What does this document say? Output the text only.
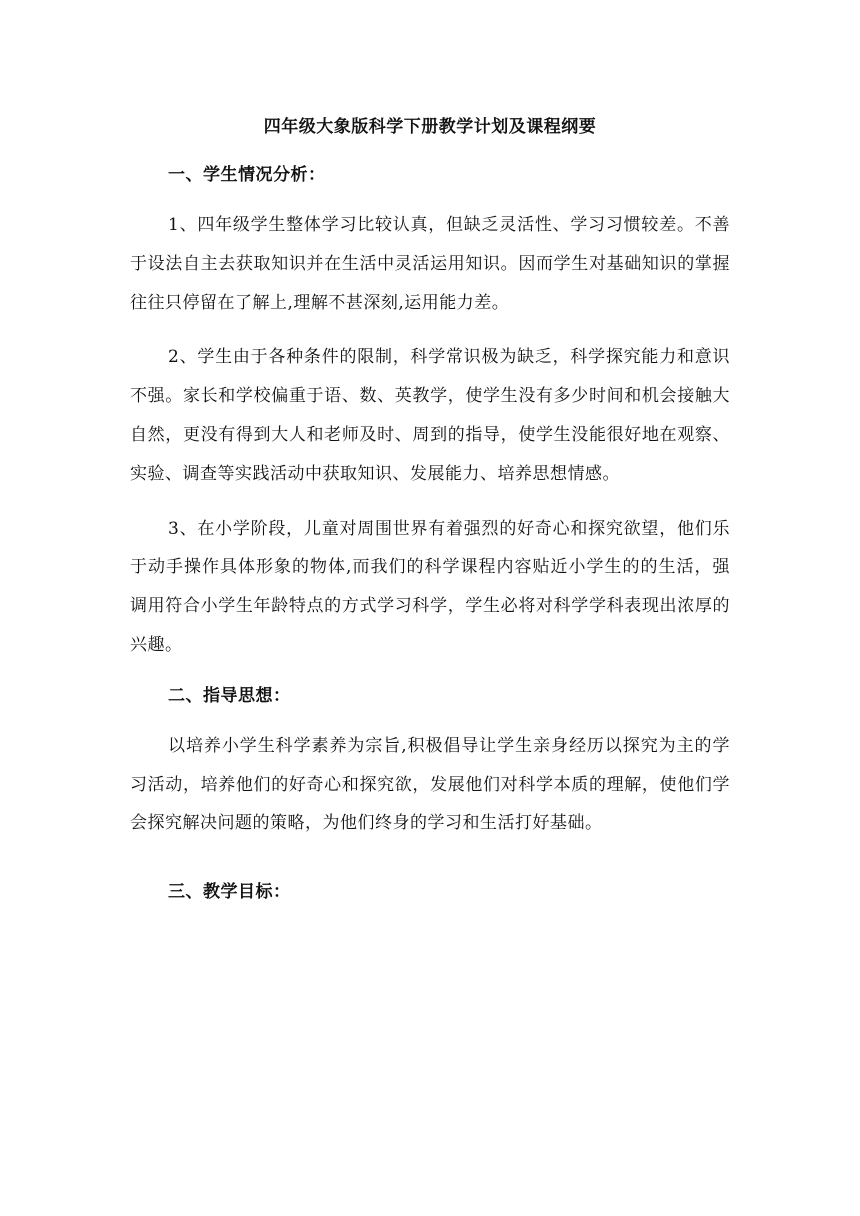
四年级大象版科学下册教学计划及课程纲要
一、学生情况分析：

1、四年级学生整体学习比较认真，但缺乏灵活性、学习习惯较差。不善于设法自主去获取知识并在生活中灵活运用知识。因而学生对基础知识的掌握往往只停留在了解上,理解不甚深刻,运用能力差。

2、学生由于各种条件的限制，科学常识极为缺乏，科学探究能力和意识不强。家长和学校偏重于语、数、英教学，使学生没有多少时间和机会接触大自然，更没有得到大人和老师及时、周到的指导，使学生没能很好地在观察、实验、调查等实践活动中获取知识、发展能力、培养思想情感。

3、在小学阶段，儿童对周围世界有着强烈的好奇心和探究欲望，他们乐于动手操作具体形象的物体,而我们的科学课程内容贴近小学生的的生活，强调用符合小学生年龄特点的方式学习科学，学生必将对科学学科表现出浓厚的兴趣。

二、指导思想：

以培养小学生科学素养为宗旨,积极倡导让学生亲身经历以探究为主的学习活动，培养他们的好奇心和探究欲，发展他们对科学本质的理解，使他们学会探究解决问题的策略，为他们终身的学习和生活打好基础。

三、教学目标：
